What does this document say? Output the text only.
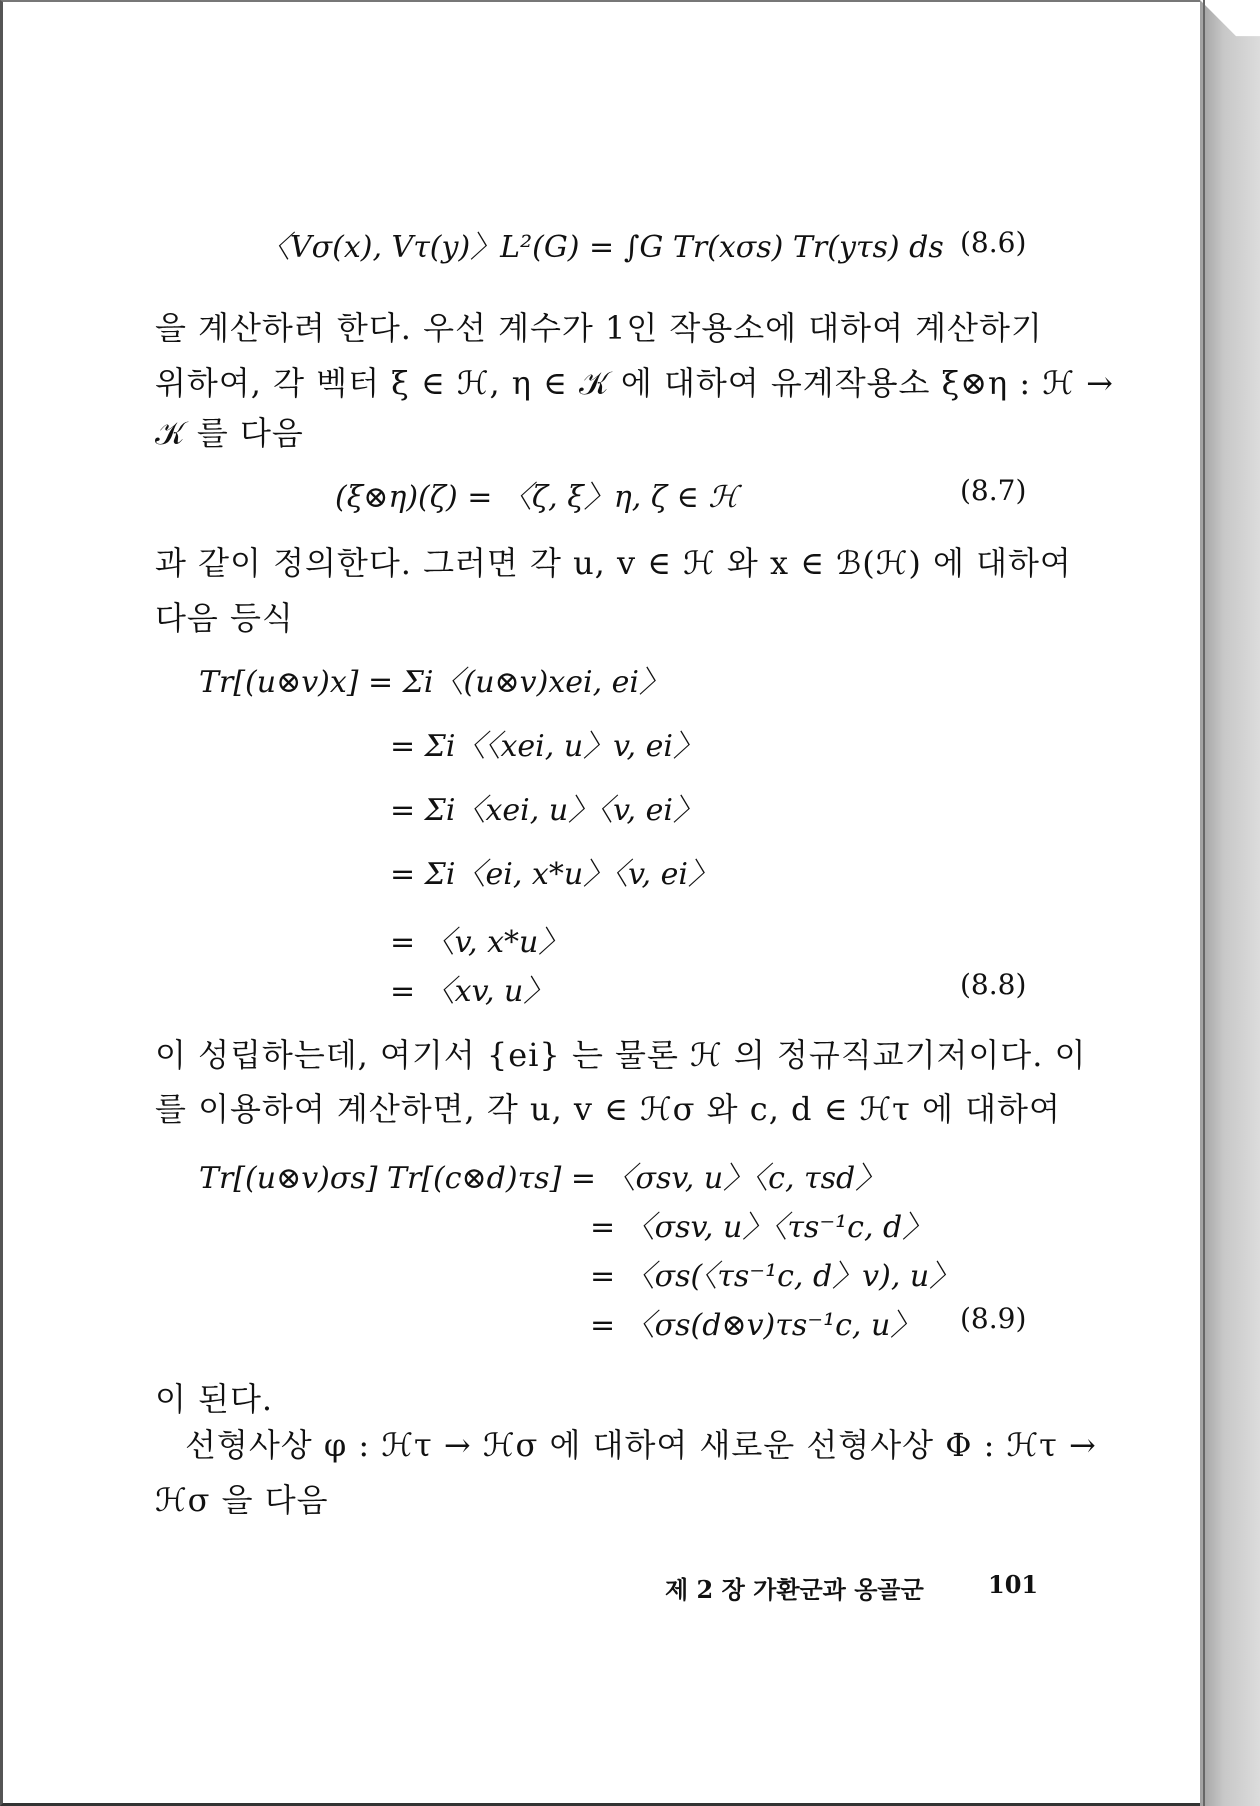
〈Vσ(x), Vτ(y)〉L²(G) = ∫G Tr(xσs) Tr(yτs) ds (8.6)
을 계산하려 한다. 우선 계수가 1인 작용소에 대하여 계산하기
위하여, 각 벡터 ξ ∈ ℋ, η ∈ 𝒦 에 대하여 유계작용소 ξ⊗η : ℋ →
𝒦 를 다음
(ξ⊗η)(ζ) = 〈ζ, ξ〉η, ζ ∈ ℋ	(8.7)
과 같이 정의한다. 그러면 각 u, v ∈ ℋ 와 x ∈ ℬ(ℋ) 에 대하여
다음 등식
Tr[(u⊗v)x] = Σi〈(u⊗v)xei, ei〉
= Σi〈〈xei, u〉v, ei〉
= Σi〈xei, u〉〈v, ei〉
= Σi〈ei, x*u〉〈v, ei〉
= 〈v, x*u〉
= 〈xv, u〉	(8.8)
이 성립하는데, 여기서 {ei} 는 물론 ℋ 의 정규직교기저이다. 이
를 이용하여 계산하면, 각 u, v ∈ ℋσ 와 c, d ∈ ℋτ 에 대하여
Tr[(u⊗v)σs] Tr[(c⊗d)τs] = 〈σsv, u〉〈c, τsd〉
= 〈σsv, u〉〈τs⁻¹c, d〉
= 〈σs(〈τs⁻¹c, d〉v), u〉
= 〈σs(d⊗v)τs⁻¹c, u〉 (8.9)
이 된다.
선형사상 φ : ℋτ → ℋσ 에 대하여 새로운 선형사상 Φ : ℋτ →
ℋσ 을 다음
제 2 장 가환군과 옹골군	101
